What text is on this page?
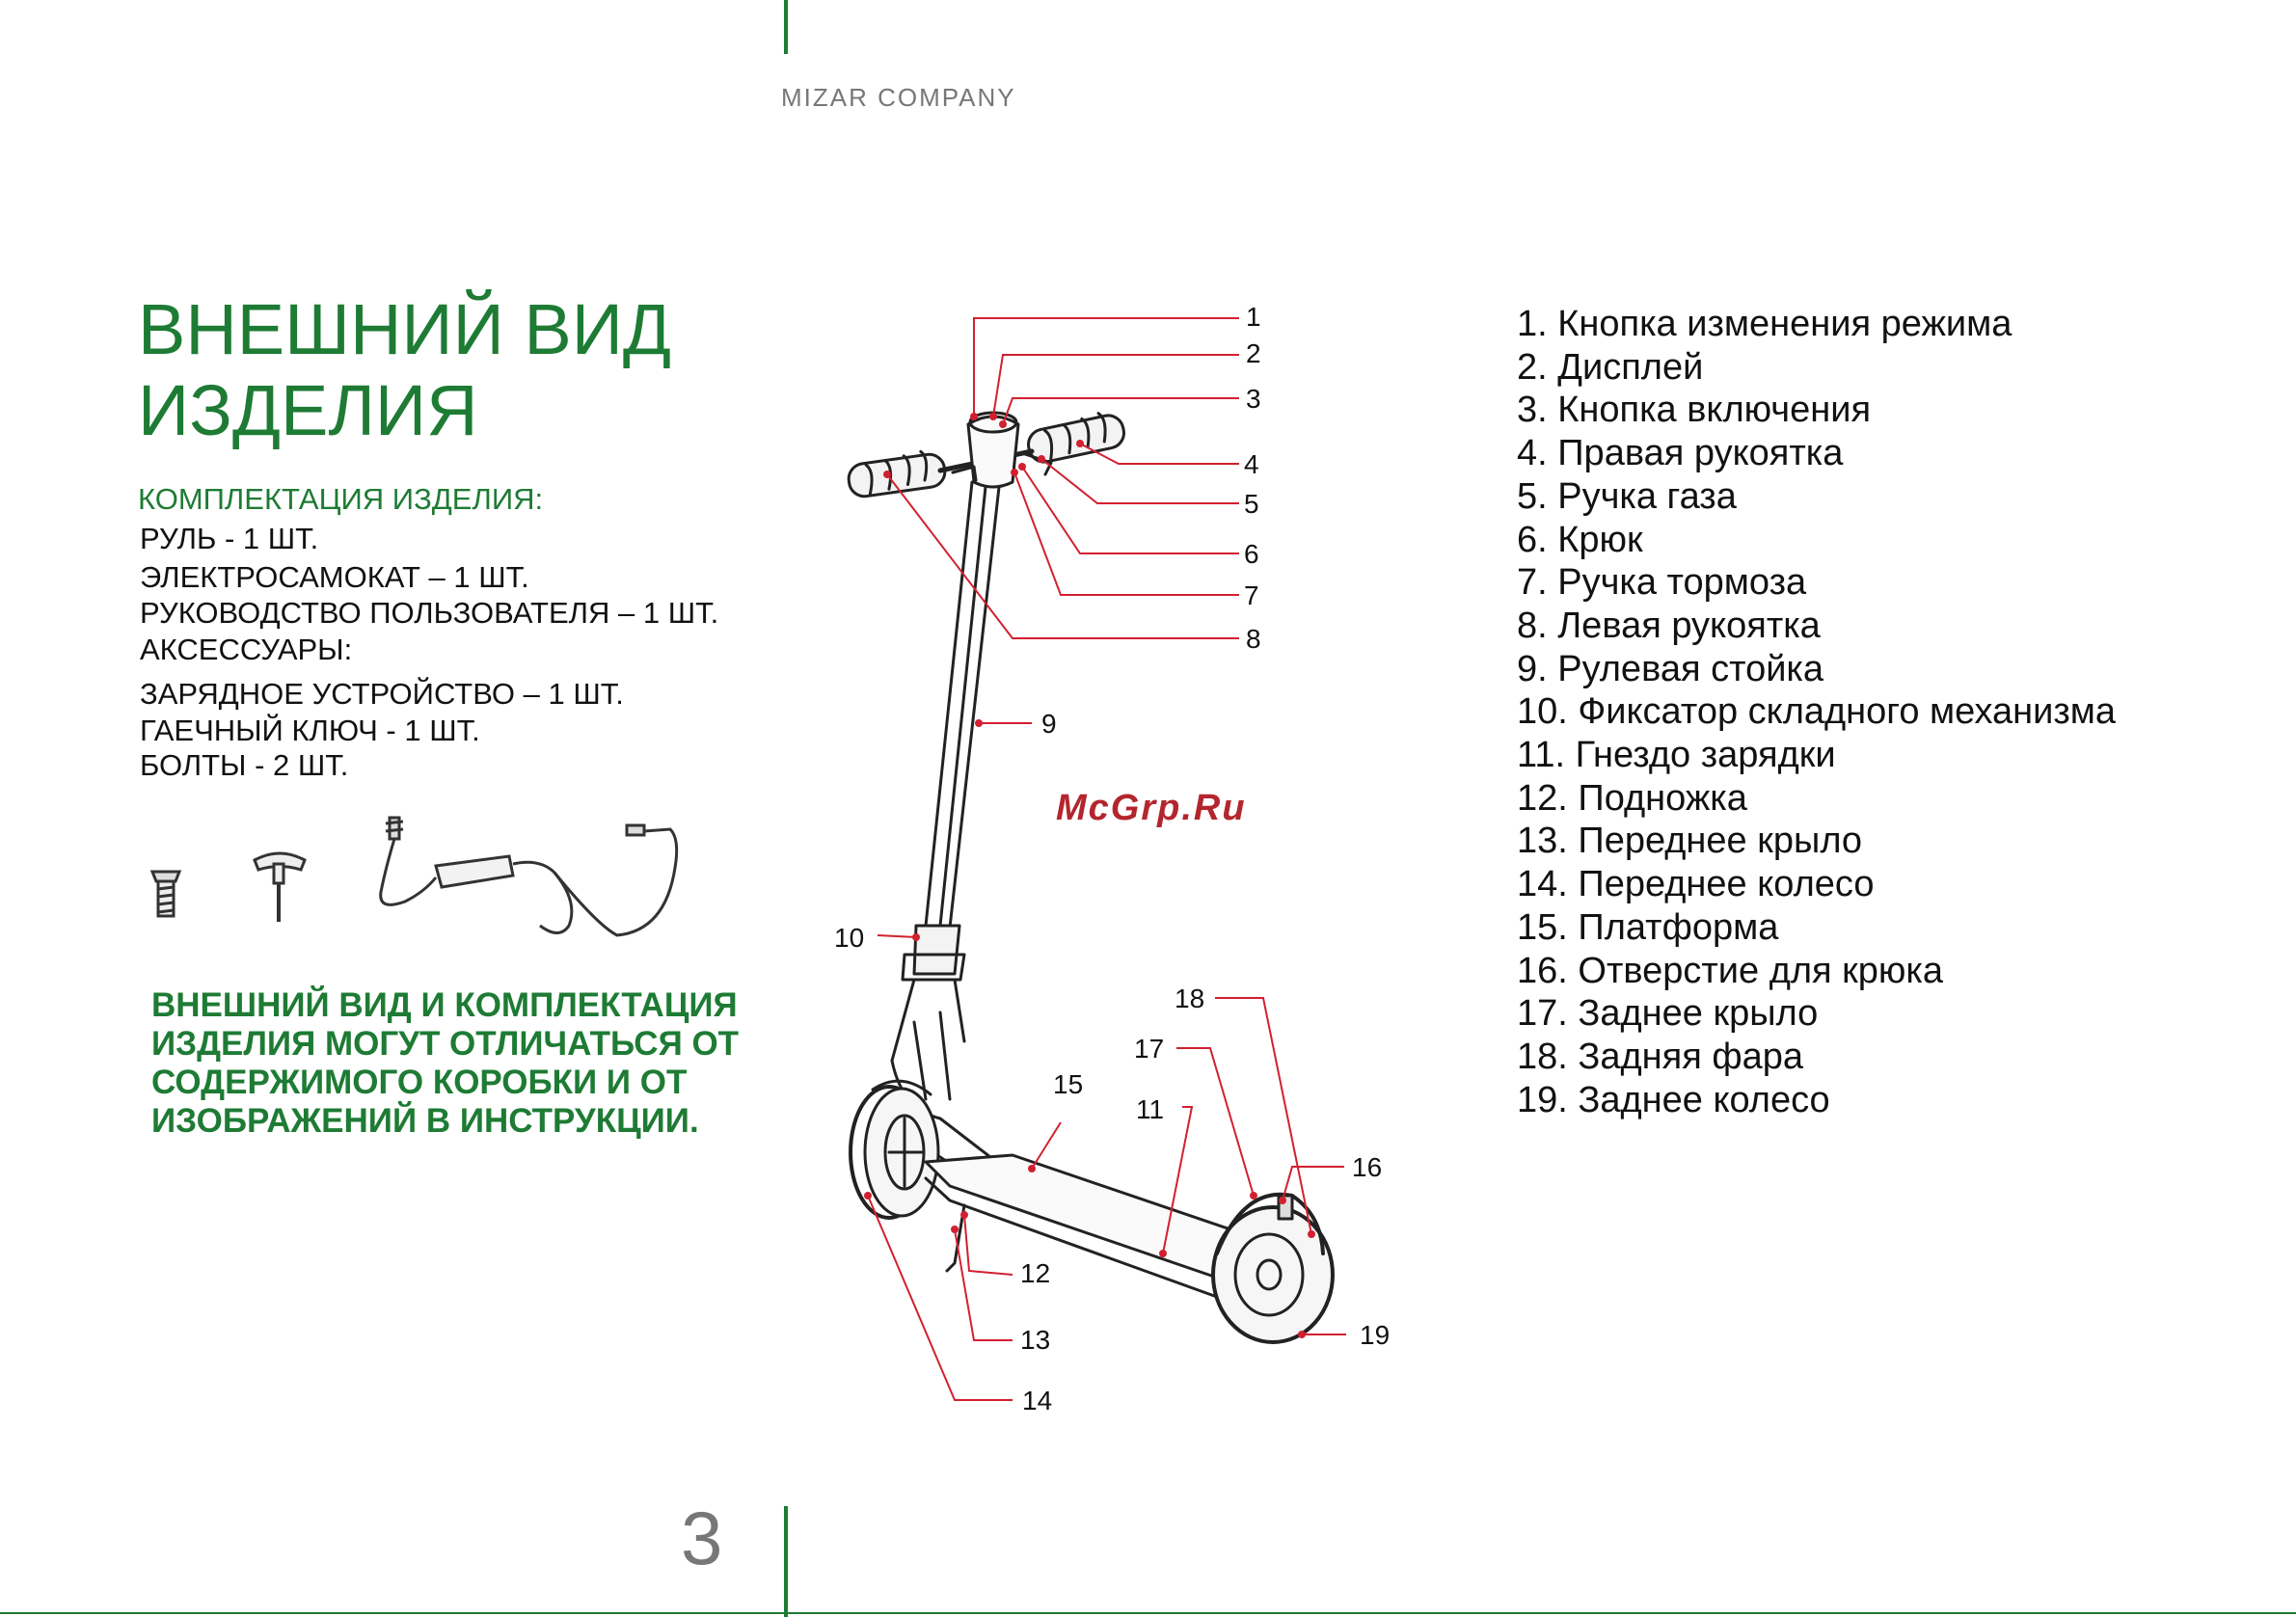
MIZAR COMPANY
ВНЕШНИЙ ВИД
ИЗДЕЛИЯ
КОМПЛЕКТАЦИЯ ИЗДЕЛИЯ:
РУЛЬ - 1 ШТ.
ЭЛЕКТРОСАМОКАТ – 1 ШТ.
РУКОВОДСТВО ПОЛЬЗОВАТЕЛЯ – 1 ШТ.
АКСЕССУАРЫ:
ЗАРЯДНОЕ УСТРОЙСТВО – 1 ШТ.
ГАЕЧНЫЙ КЛЮЧ - 1 ШТ.
БОЛТЫ - 2 ШТ.
ВНЕШНИЙ ВИД И КОМПЛЕКТАЦИЯ ИЗДЕЛИЯ МОГУТ ОТЛИЧАТЬСЯ ОТ СОДЕРЖИМОГО КОРОБКИ И ОТ ИЗОБРАЖЕНИЙ В ИНСТРУКЦИИ.
1
2
3
4
5
6
7
8
9
10
11
12
13
14
15
16
17
18
19
McGrp.Ru
1. Кнопка изменения режима
2. Дисплей
3. Кнопка включения
4. Правая рукоятка
5. Ручка газа
6. Крюк
7. Ручка тормоза
8. Левая рукоятка
9. Рулевая стойка
10. Фиксатор складного механизма
11. Гнездо зарядки
12. Подножка
13. Переднее крыло
14. Переднее колесо
15. Платформа
16. Отверстие для крюка
17. Заднее крыло
18. Задняя фара
19. Заднее колесо
3
